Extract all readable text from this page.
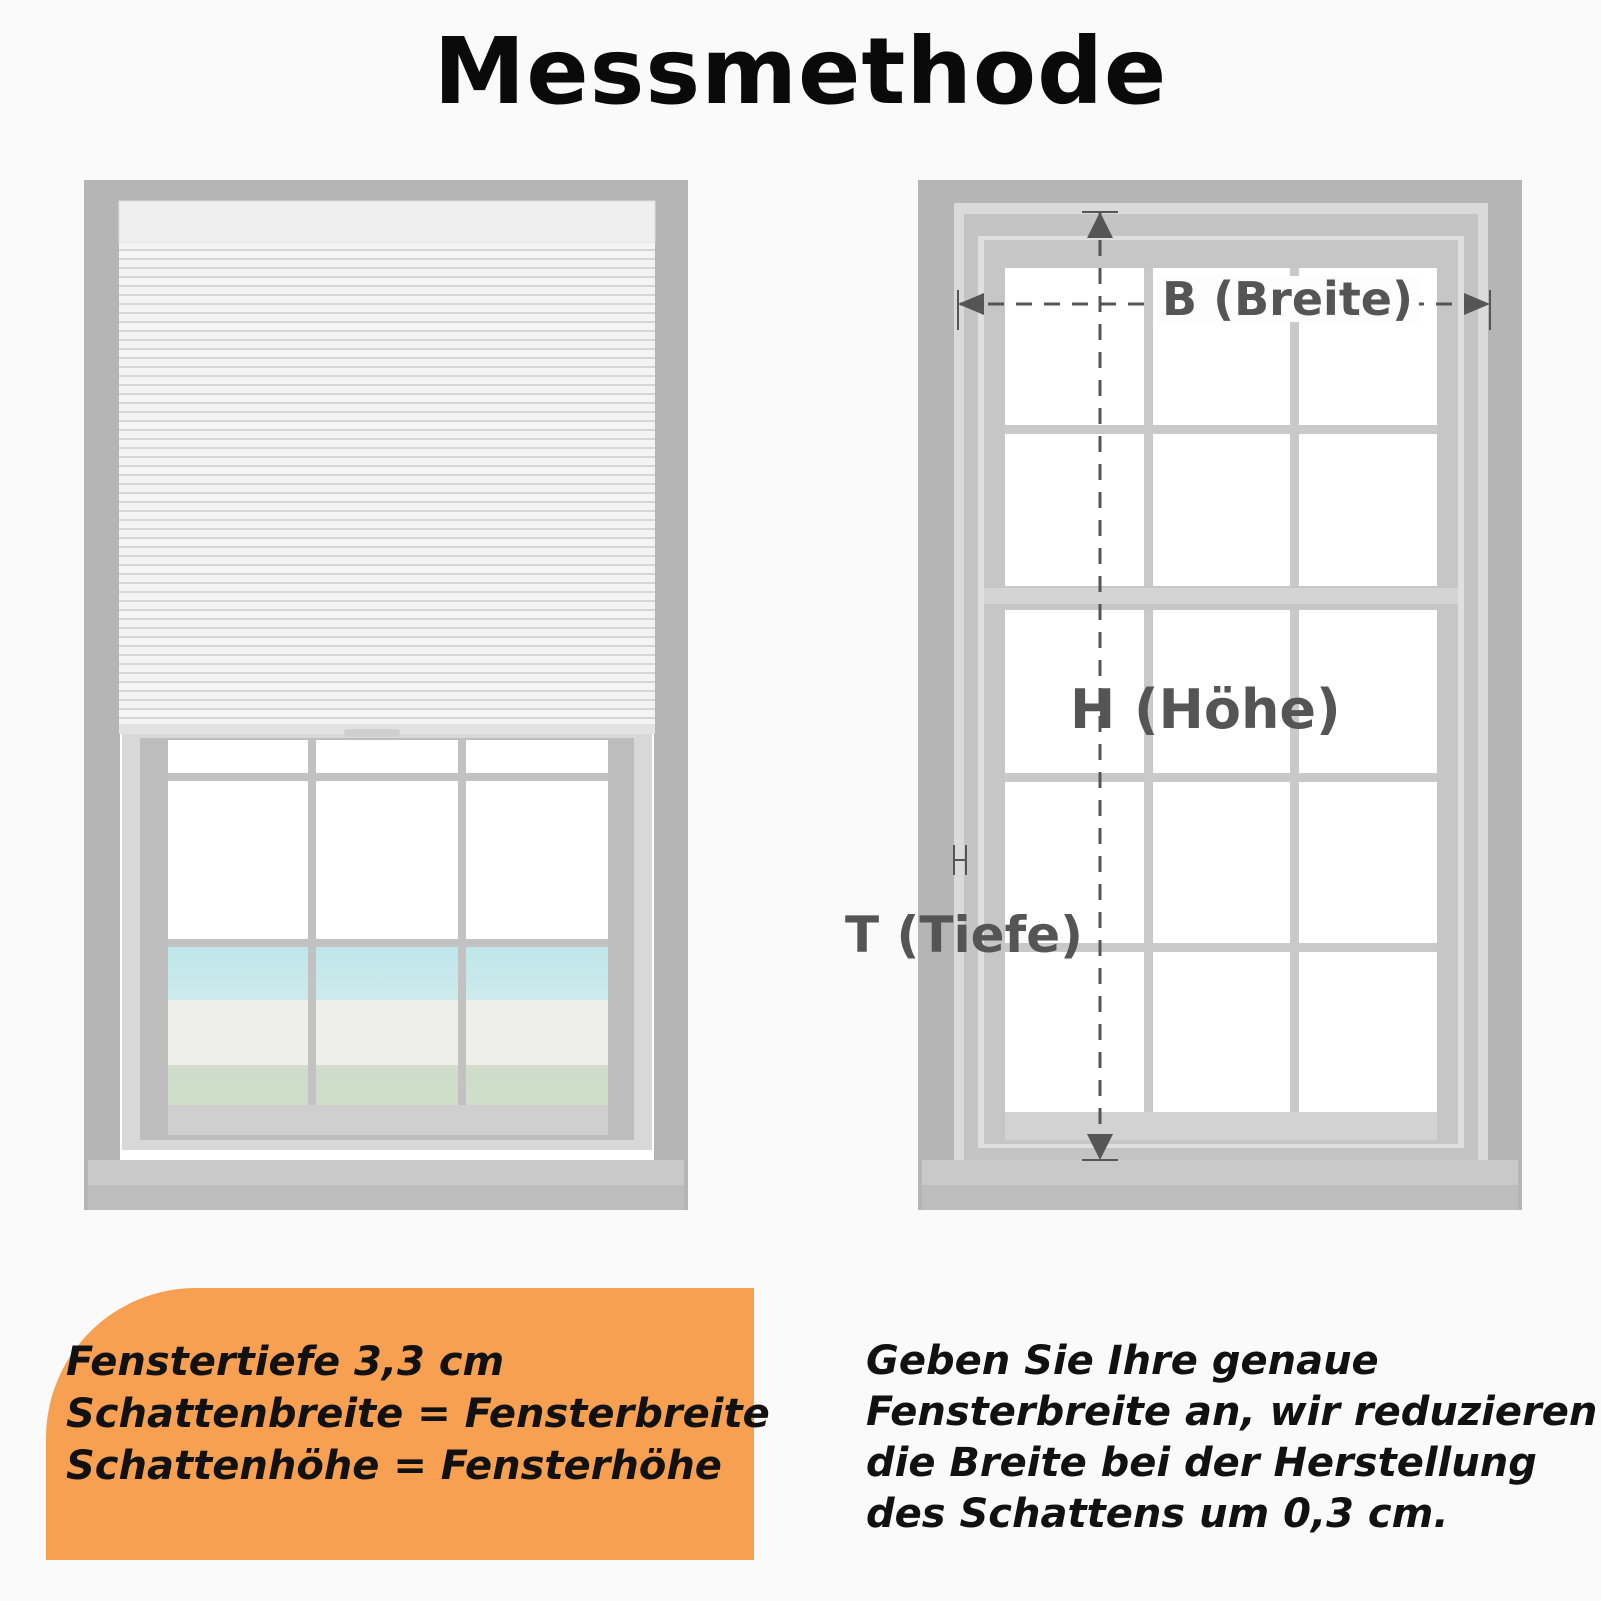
Messmethode
B (Breite)
H (Höhe)
T (Tiefe)
Fenstertiefe 3,3 cm
Schattenbreite = Fensterbreite
Schattenhöhe = Fensterhöhe
Geben Sie Ihre genaue
Fensterbreite an, wir reduzieren
die Breite bei der Herstellung
des Schattens um 0,3 cm.
